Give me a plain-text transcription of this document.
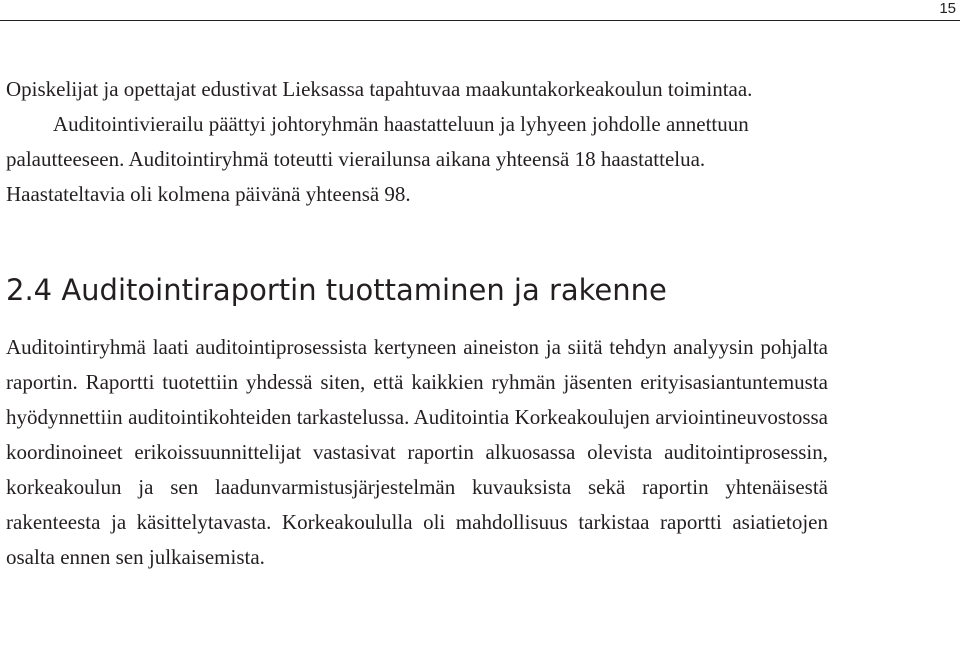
15

Opiskelijat ja opettajat edustivat Lieksassa tapahtuvaa maakuntakorkeakoulun toimintaa.

Auditointivierailu päättyi johtoryhmän haastatteluun ja lyhyeen johdolle annettuun palautteeseen. Auditointiryhmä toteutti vierailunsa aikana yhteensä 18 haastattelua. Haastateltavia oli kolmena päivänä yhteensä 98.

2.4 Auditointiraportin tuottaminen ja rakenne

Auditointiryhmä laati auditointiprosessista kertyneen aineiston ja siitä tehdyn analyysin pohjalta raportin. Raportti tuotettiin yhdessä siten, että kaikkien ryhmän jäsenten erityisasiantuntemusta hyödynnettiin auditointikohteiden tarkastelussa. Auditointia Korkeakoulujen arviointineuvostossa koordinoineet erikoissuunnittelijat vastasivat raportin alkuosassa olevista auditointiprosessin, korkeakoulun ja sen laadunvarmistusjärjestelmän kuvauksista sekä raportin yhtenäisestä rakenteesta ja käsittelytavasta. Korkeakoululla oli mahdollisuus tarkistaa raportti asiatietojen osalta ennen sen julkaisemista.
